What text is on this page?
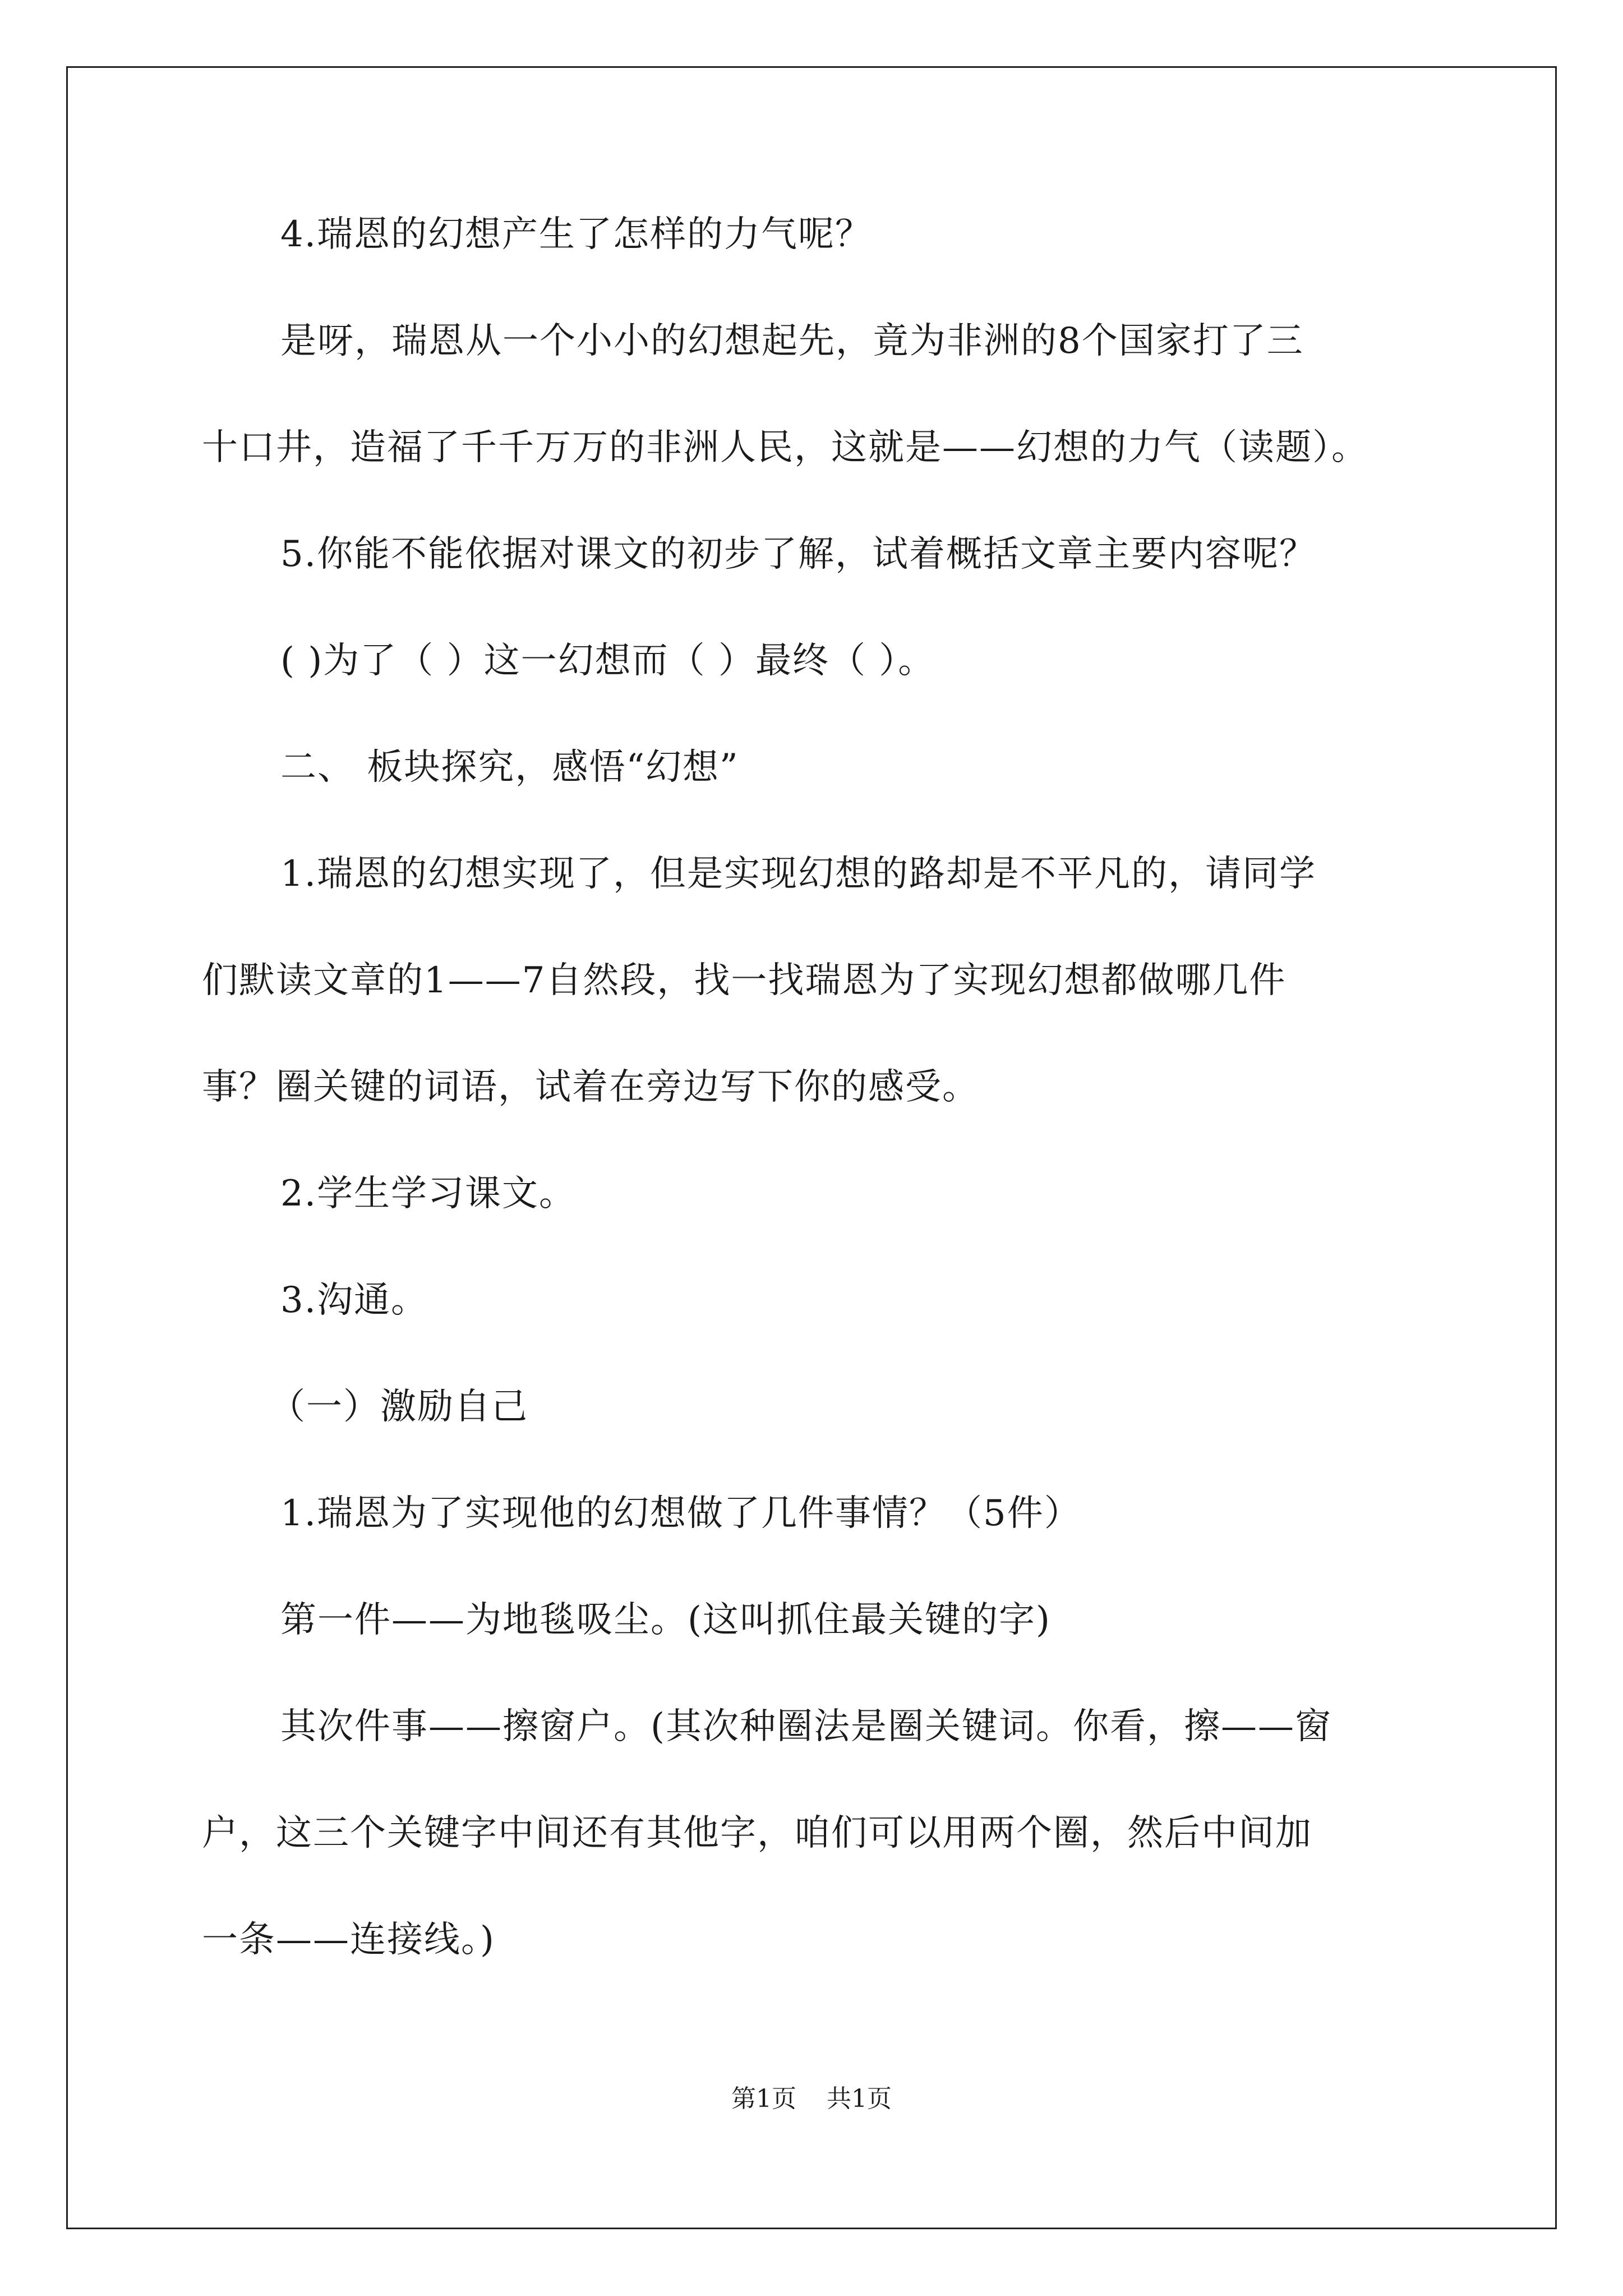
4.瑞恩的幻想产生了怎样的力气呢？

是呀，瑞恩从一个小小的幻想起先，竟为非洲的8个国家打了三

十口井，造福了千千万万的非洲人民，这就是——幻想的力气（读题）。

5.你能不能依据对课文的初步了解，试着概括文章主要内容呢？

( )为了（ ）这一幻想而（ ）最终（ ）。

二、 板块探究，感悟“幻想”

1.瑞恩的幻想实现了，但是实现幻想的路却是不平凡的，请同学

们默读文章的1——7自然段，找一找瑞恩为了实现幻想都做哪几件

事？圈关键的词语，试着在旁边写下你的感受。

2.学生学习课文。

3.沟通。

（一）激励自己

1.瑞恩为了实现他的幻想做了几件事情？（5件）

第一件——为地毯吸尘。(这叫抓住最关键的字)

其次件事——擦窗户。(其次种圈法是圈关键词。你看，擦——窗

户，这三个关键字中间还有其他字，咱们可以用两个圈，然后中间加

一条——连接线。)

第1页 共1页
